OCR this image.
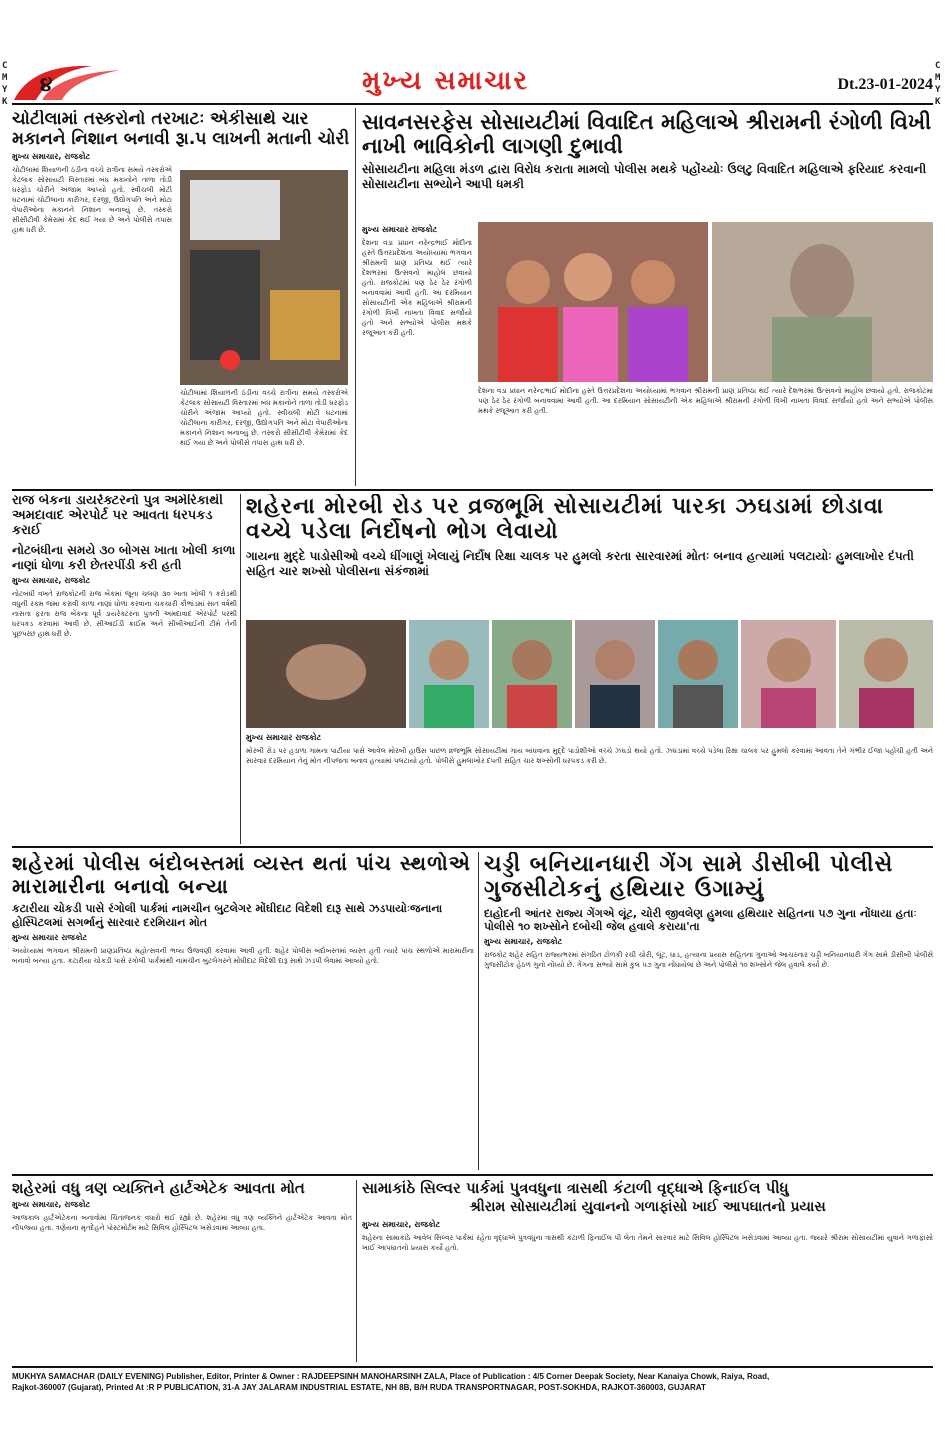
C
M
Y
K
C
M
Y
K
૪	મુખ્ય સમાચાર	Dt.23-01-2024
ચોટીલામાં તસ્કરોનો તરખાટઃ એકીસાથે ચાર મકાનને નિશાન બનાવી રૂા.૫ લાખની મતાની ચોરી
મુખ્ય સમાચાર, રાજકોટ
ચોટીલામાં શિયાળની ઠંડીના વચ્ચે રાત્રીના સમયે તસ્કરોએ કેટલાક સોસાયટી વિસ્તારમાં બંધ મકાનોને તાળા તોડી ઘરફોડ ચોરીને અંજામ આપ્યો હતો. સ્વીચલી મોટી ઘટનામાં ચોટીલાના કારીગર, દરજી, ઉદ્યોગપતિ અને મોટા વેપારીઓના મકાનને નિશાન બનાવ્યું છે. તસ્કરો સીસીટીવી કેમેરામાં કેદ થઈ ગયા છે અને પોલીસે તપાસ હાથ ધરી છે.
ચોટીલામાં શિયાળની ઠંડીના વચ્ચે રાત્રીના સમયે તસ્કરોએ કેટલાક સોસાયટી વિસ્તારમાં બંધ મકાનોને તાળા તોડી ઘરફોડ ચોરીને અંજામ આપ્યો હતો. સ્વીચલી મોટી ઘટનામાં ચોટીલાના કારીગર, દરજી, ઉદ્યોગપતિ અને મોટા વેપારીઓના મકાનને નિશાન બનાવ્યું છે. તસ્કરો સીસીટીવી કેમેરામાં કેદ થઈ ગયા છે અને પોલીસે તપાસ હાથ ધરી છે.
સાવનસરફેસ સોસાયટીમાં વિવાદિત મહિલાએ શ્રીરામની રંગોળી વિખી નાખી ભાવિકોની લાગણી દુભાવી
સોસાયટીના મહિલા મંડળ દ્વારા વિરોધ કરાતા મામલો પોલીસ મથકે પહોંચ્યોઃ ઉલટુ વિવાદિત મહિલાએ ફરિયાદ કરવાની સોસાયટીના સભ્યોને આપી ધમકી
મુખ્ય સમાચાર રાજકોટ
દેશના વડા પ્રધાન નરેન્દ્રભાઈ મોદીના હસ્તે ઉત્તરપ્રદેશના અયોધ્યામાં ભગવાન શ્રીરામની પ્રાણ પ્રતિષ્ઠા થઈ ત્યારે દેશભરમાં ઉત્સવનો માહોલ છવાયો હતો. રાજકોટમાં પણ ઠેર ઠેર રંગોળી બનાવવામાં આવી હતી. આ દરમિયાન સોસાયટીની એક મહિલાએ શ્રીરામની રંગોળી વિખી નાખતા વિવાદ સર્જાયો હતો અને સભ્યોએ પોલીસ મથકે રજૂઆત કરી હતી.
દેશના વડા પ્રધાન નરેન્દ્રભાઈ મોદીના હસ્તે ઉત્તરપ્રદેશના અયોધ્યામાં ભગવાન શ્રીરામની પ્રાણ પ્રતિષ્ઠા થઈ ત્યારે દેશભરમાં ઉત્સવનો માહોલ છવાયો હતો. રાજકોટમાં પણ ઠેર ઠેર રંગોળી બનાવવામાં આવી હતી. આ દરમિયાન સોસાયટીની એક મહિલાએ શ્રીરામની રંગોળી વિખી નાખતા વિવાદ સર્જાયો હતો અને સભ્યોએ પોલીસ મથકે રજૂઆત કરી હતી.
રાજ બેંકના ડાયરેક્ટરનો પુત્ર અમેરિકાથી અમદાવાદ એરપોર્ટ પર આવતા ધરપકડ કરાઈ
નોટબંધીના સમયે ૩૦ બોગસ ખાતા ખોલી કાળા નાણાં ધોળા કરી છેતરપીંડી કરી હતી
મુખ્ય સમાચાર, રાજકોટ
નોટબંધી વખતે રાજકોટની રાજ બેંકમાં જૂના ચલણ ૩૦ ખાતા ખોલી ૧ કરોડથી વધુની રકમ જમા કરાવી કાળા નાણાં ધોળા કરવાના ચકચારી કૌભાંડમાં સાત વર્ષથી નાસતા ફરતા રાજ બેંકના પૂર્વ ડાયરેક્ટરના પુત્રની અમદાવાદ એરપોર્ટ પરથી ધરપકડ કરવામાં આવી છે. સીઆઈડી ક્રાઈમ અને સીબીઆઈની ટીમે તેની પૂછપરછ હાથ ધરી છે.
શહેરના મોરબી રોડ પર વ્રજભૂમિ સોસાયટીમાં પારકા ઝઘડામાં છોડાવા વચ્ચે પડેલા નિર્દોષનો ભોગ લેવાયો
ગાયના મુદ્દે પાડોસીઓ વચ્ચે ધીંગાણું ખેલાયું નિર્દોષ રિક્ષા ચાલક પર હુમલો કરતા સારવારમાં મોતઃ બનાવ હત્યામાં પલટાયોઃ હુમલાખોર દંપતી સહિત ચાર શખ્સો પોલીસના સંકંજામાં
મુખ્ય સમાચાર રાજકોટ
મોરબી રોડ પર હડાળા ગામના પાટીયા પાસે આવેલ મોરબી હાઉસ પાછળ વ્રજભૂમિ સોસાયટીમાં ગાય બાંધવાના મુદ્દે પાડોશીઓ વચ્ચે ઝઘડો થયો હતો. ઝઘડામાં વચ્ચે પડેલા રિક્ષા ચાલક પર હુમલો કરવામાં આવતા તેને ગંભીર ઈજા પહોંચી હતી અને સારવાર દરમિયાન તેનું મોત નીપજતા બનાવ હત્યામાં પલટાયો હતો. પોલીસે હુમલાખોર દંપતી સહિત ચાર શખ્સોની ધરપકડ કરી છે.
શહેરમાં પોલીસ બંદોબસ્તમાં વ્યસ્ત થતાં પાંચ સ્થળોએ મારામારીના બનાવો બન્યા
કટારીયા ચોકડી પાસે રંગોલી પાર્કમાં નામચીન બુટલેગર મોંઘીદાટ વિદેશી દારૂ સાથે ઝડપાયોઃજનાના હોસ્પિટલમાં સગર્ભાનું સારવાર દરમિયાન મોત
મુખ્ય સમાચાર રાજકોટ
અયોધ્યામાં ભગવાન શ્રીરામની પ્રાણપ્રતિષ્ઠા મહોત્સવની ભવ્ય ઉજવણી કરવામાં આવી હતી. શહેર પોલીસ બંદોબસ્તમાં વ્યસ્ત હતી ત્યારે પાંચ સ્થળોએ મારામારીના બનાવો બન્યા હતા. કટારીયા ચોકડી પાસે રંગોલી પાર્કમાંથી નામચીન બુટલેગરને મોંઘીદાટ વિદેશી દારૂ સાથે ઝડપી લેવામાં આવ્યો હતો.
ચડ્ડી બનિયાનધારી ગેંગ સામે ડીસીબી પોલીસે ગુજસીટોકનું હથિયાર ઉગામ્યું
દાહોદની આંતર રાજ્ય ગેંગએ લૂંટ, ચોરી જીવલેણ હુમલા હથિયાર સહિતના ૫૭ ગુના નોંધાયા હતાઃ પોલીસે ૧૦ શખ્સોને દબોચી જેલ હવાલે કરાયા'તા
મુખ્ય સમાચાર, રાજકોટ
રાજકોટ શહેર સહિત રાજ્યભરમાં સંગઠિત ટોળકી રચી ચોરી, લૂંટ, ધાડ, હત્યાના પ્રયાસ સહિતના ગુનાઓ આચરનાર ચડ્ડી બનિયાનધારી ગેંગ સામે ડીસીબી પોલીસે ગુજસીટોક હેઠળ ગુનો નોંધ્યો છે. ગેંગના સભ્યો સામે કુલ ૫૭ ગુના નોંધાયેલા છે અને પોલીસે ૧૦ શખ્સોને જેલ હવાલે કર્યા છે.
શહેરમાં વધુ ત્રણ વ્યક્તિને હાર્ટએટેક આવતા મોત
મુખ્ય સમાચાર, રાજકોટ
આજકાલ હાર્ટએટેકના બનાવોમાં ચિંતાજનક વધારો થઈ રહ્યો છે. શહેરમાં વધુ ત્રણ વ્યક્તિને હાર્ટએટેક આવતા મોત નીપજ્યા હતા. ત્રણેયના મૃતદેહને પોસ્ટમોર્ટમ માટે સિવિલ હોસ્પિટલ ખસેડવામાં આવ્યા હતા.
સામાકાંઠે સિલ્વર પાર્કમાં પુત્રવધુના ત્રાસથી કંટાળી વૃદ્ધાએ ફિનાઈલ પીધુ
શ્રીરામ સોસાયટીમાં યુવાનનો ગળાફાંસો ખાઈ આપઘાતનો પ્રયાસ
મુખ્ય સમાચાર, રાજકોટ
શહેરના સામાકાંઠે આવેલ સિલ્વર પાર્કમાં રહેતા વૃદ્ધાએ પુત્રવધુના ત્રાસથી કંટાળી ફિનાઈલ પી લેતા તેમને સારવાર માટે સિવિલ હોસ્પિટલ ખસેડવામાં આવ્યા હતા. જ્યારે શ્રીરામ સોસાયટીમાં યુવાને ગળાફાંસો ખાઈ આપઘાતનો પ્રયાસ કર્યો હતો.
MUKHYA SAMACHAR (DAILY EVENING) Publisher, Editor, Printer & Owner : RAJDEEPSINH MANOHARSINH ZALA, Place of Publication : 4/5 Corner Deepak Society, Near Kanaiya Chowk, Raiya, Road,
Rajkot-360007 (Gujarat), Printed At :R P PUBLICATION, 31-A JAY JALARAM INDUSTRIAL ESTATE, NH 8B, B/H RUDA TRANSPORTNAGAR, POST-SOKHDA, RAJKOT-360003, GUJARAT
